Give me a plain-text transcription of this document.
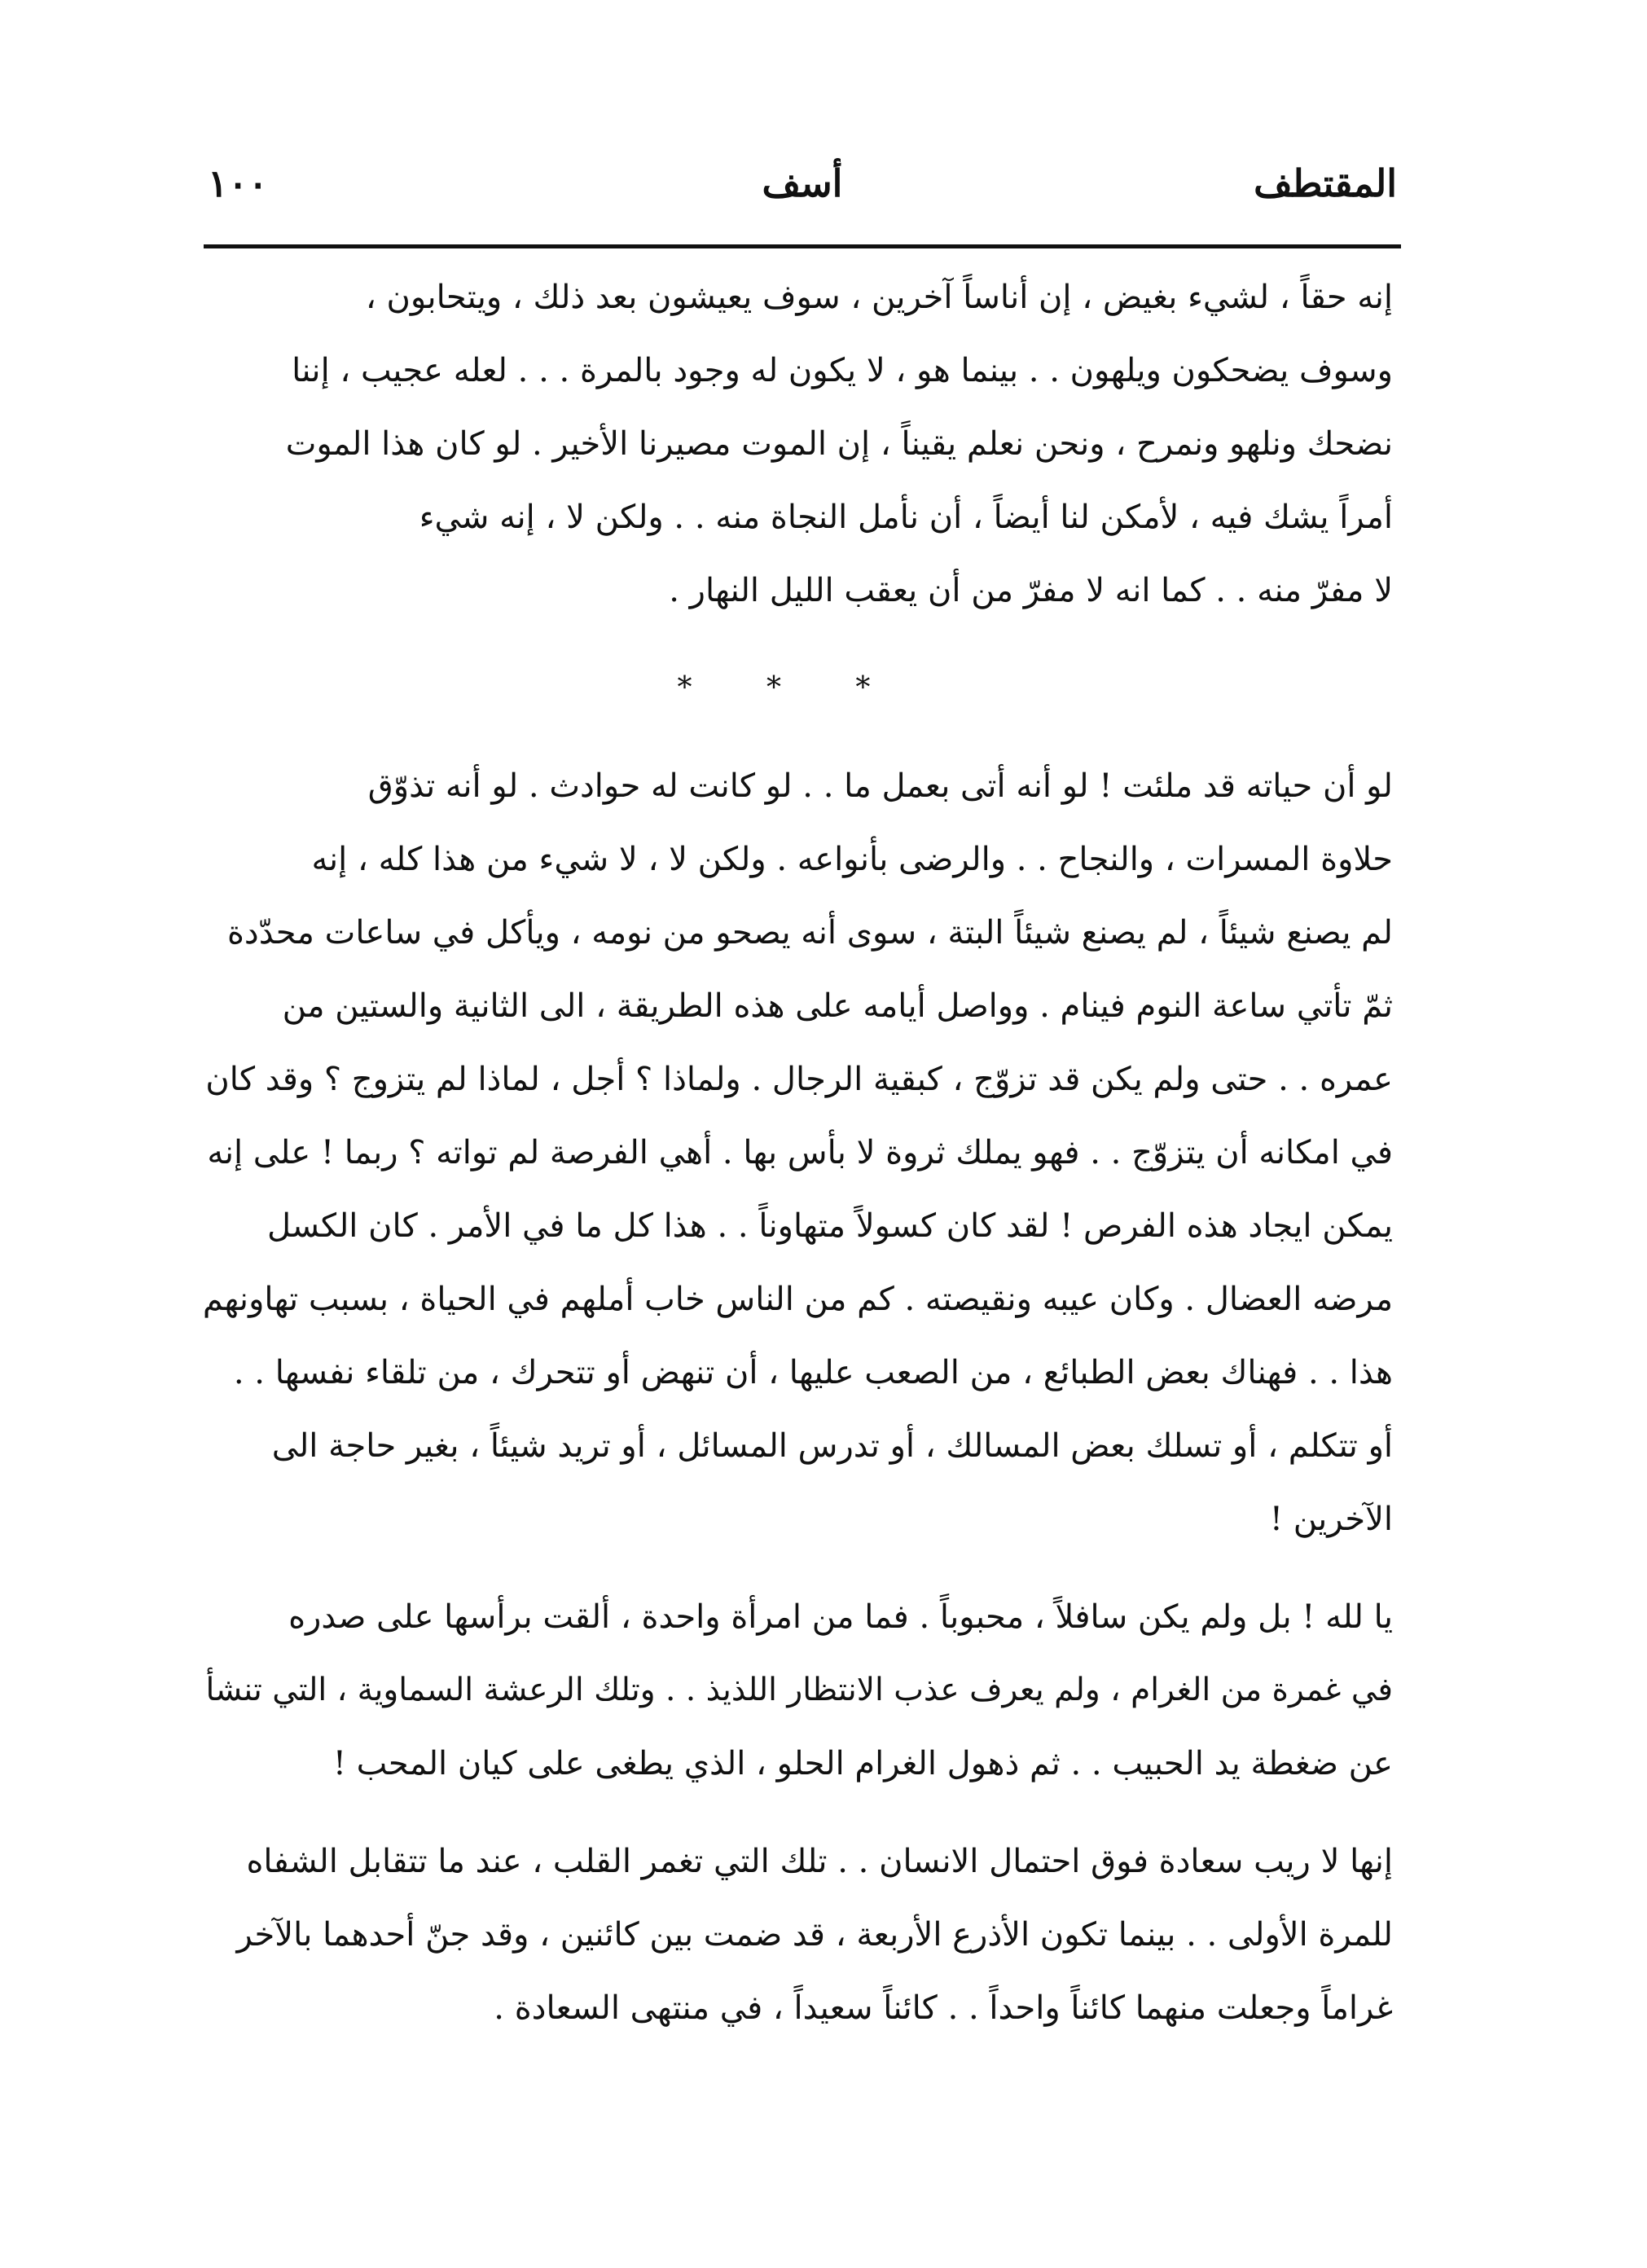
١٠٠	أسف	المقتطف
إنه حقاً ، لشيء بغيض ، إن أناساً آخرين ، سوف يعيشون بعد ذلك ، ويتحابون ،
وسوف يضحكون ويلهون . . بينما هو ، لا يكون له وجود بالمرة . . . لعله عجيب ، إننا
نضحك ونلهو ونمرح ، ونحن نعلم يقيناً ، إن الموت مصيرنا الأخير . لو كان هذا الموت
أمراً يشك فيه ، لأمكن لنا أيضاً ، أن نأمل النجاة منه . . ولكن لا ، إنه شيء
لا مفرّ منه . . كما انه لا مفرّ من أن يعقب الليل النهار .
* * *
لو أن حياته قد ملئت ! لو أنه أتى بعمل ما . . لو كانت له حوادث . لو أنه تذوّق
حلاوة المسرات ، والنجاح . . والرضى بأنواعه . ولكن لا ، لا شيء من هذا كله ، إنه
لم يصنع شيئاً ، لم يصنع شيئاً البتة ، سوى أنه يصحو من نومه ، ويأكل في ساعات محدّدة
ثمّ تأتي ساعة النوم فينام . وواصل أيامه على هذه الطريقة ، الى الثانية والستين من
عمره . . حتى ولم يكن قد تزوّج ، كبقية الرجال . ولماذا ؟ أجل ، لماذا لم يتزوج ؟ وقد كان
في امكانه أن يتزوّج . . فهو يملك ثروة لا بأس بها . أهي الفرصة لم تواته ؟ ربما ! على إنه
يمكن ايجاد هذه الفرص ! لقد كان كسولاً متهاوناً . . هذا كل ما في الأمر . كان الكسل
مرضه العضال . وكان عيبه ونقيصته . كم من الناس خاب أملهم في الحياة ، بسبب تهاونهم
هذا . . فهناك بعض الطبائع ، من الصعب عليها ، أن تنهض أو تتحرك ، من تلقاء نفسها . .
أو تتكلم ، أو تسلك بعض المسالك ، أو تدرس المسائل ، أو تريد شيئاً ، بغير حاجة الى
الآخرين !
يا لله ! بل ولم يكن سافلاً ، محبوباً . فما من امرأة واحدة ، ألقت برأسها على صدره
في غمرة من الغرام ، ولم يعرف عذب الانتظار اللذيذ . . وتلك الرعشة السماوية ، التي تنشأ
عن ضغطة يد الحبيب . . ثم ذهول الغرام الحلو ، الذي يطغى على كيان المحب !
إنها لا ريب سعادة فوق احتمال الانسان . . تلك التي تغمر القلب ، عند ما تتقابل الشفاه
للمرة الأولى . . بينما تكون الأذرع الأربعة ، قد ضمت بين كائنين ، وقد جنّ أحدهما بالآخر
غراماً وجعلت منهما كائناً واحداً . . كائناً سعيداً ، في منتهى السعادة .
